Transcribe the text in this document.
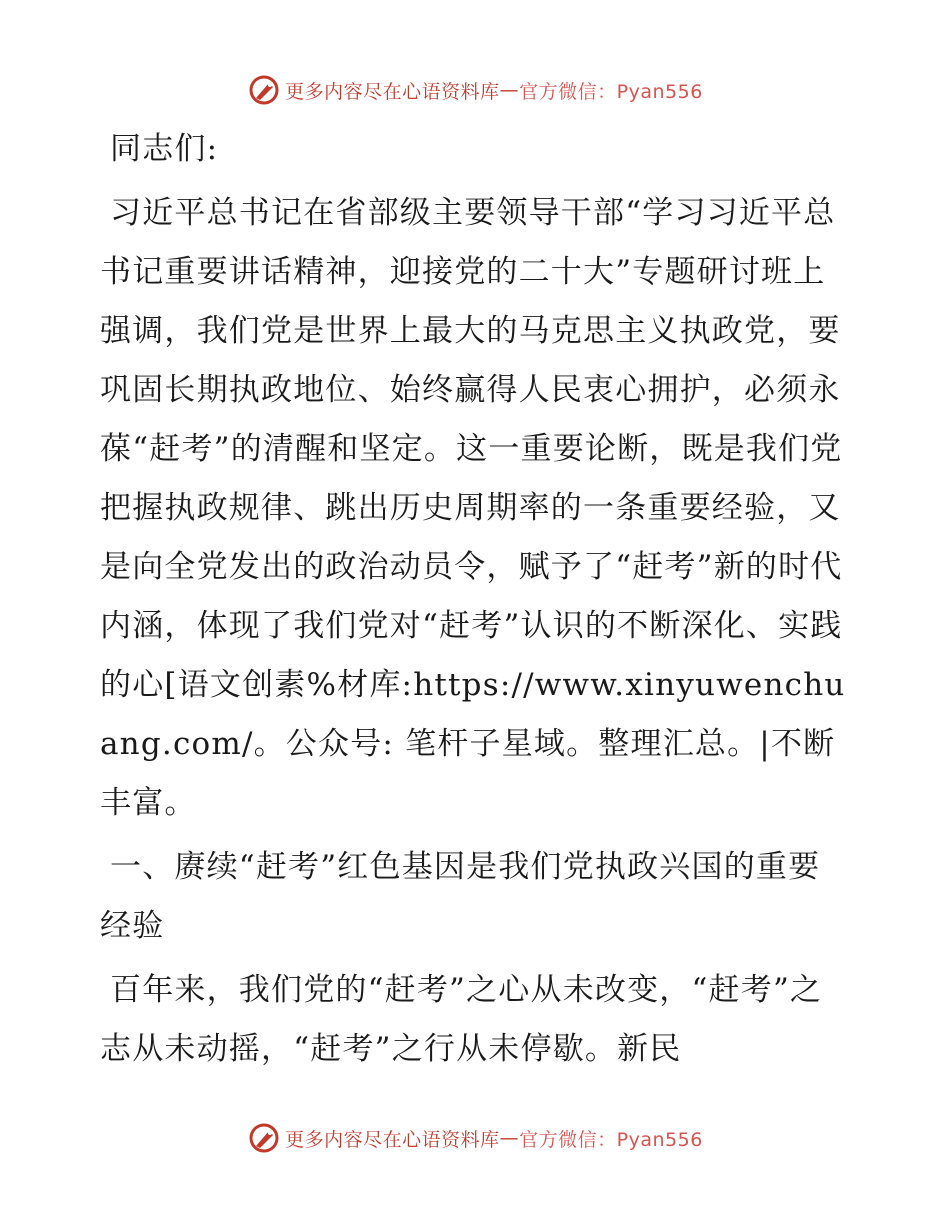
更多内容尽在心语资料库 — 官方微信：Pyan556

同志们:

习近平总书记在省部级主要领导干部“学习习近平总书记重要讲话精神，迎接党的二十大”专题研讨班上强调，我们党是世界上最大的马克思主义执政党，要巩固长期执政地位、始终赢得人民衷心拥护，必须永葆“赶考”的清醒和坚定。这一重要论断，既是我们党把握执政规律、跳出历史周期率的一条重要经验，又是向全党发出的政治动员令，赋予了“赶考”新的时代内涵，体现了我们党对“赶考”认识的不断深化、实践的心[语文创素%材库:https://www.xinyuwenchuang.com/。公众号: 笔杆子星域。整理汇总。|不断丰富。

一、赓续“赶考”红色基因是我们党执政兴国的重要经验

百年来，我们党的“赶考”之心从未改变，“赶考”之志从未动摇，“赶考”之行从未停歇。新民

更多内容尽在心语资料库 — 官方微信：Pyan556
